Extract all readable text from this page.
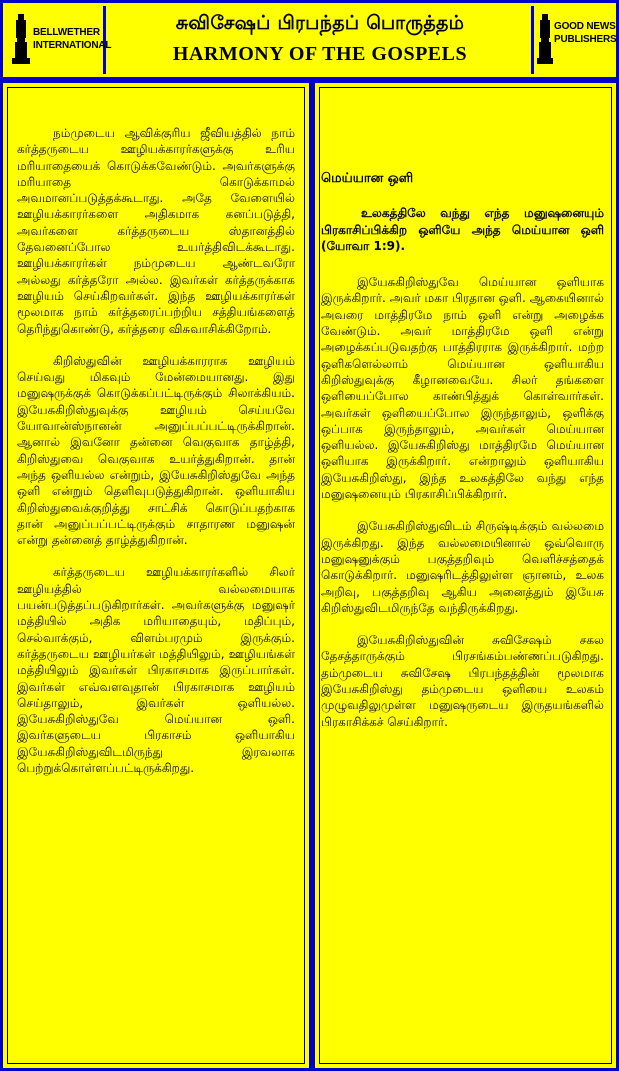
BELLWETHER
INTERNATIONAL
சுவிசேஷப் பிரபந்தப் பொருத்தம்
HARMONY OF THE GOSPELS
GOOD NEWS
PUBLISHERS

நம்முடைய ஆவிக்குரிய ஜீவியத்தில் நாம் கர்த்தருடைய ஊழியக்காரர்களுக்கு உரிய மரியாதையைக் கொடுக்கவேண்டும். அவர்களுக்கு மரியாதை கொடுக்காமல் அவமானப்படுத்தக்கூடாது. அதே வேளையில் ஊழியக்காரர்களை அதிகமாக கனப்படுத்தி, அவர்களை கர்த்தருடைய ஸ்தானத்தில் தேவனைப்போல உயர்த்திவிடக்கூடாது. ஊழியக்காரர்கள் நம்முடைய ஆண்டவரோ அல்லது கர்த்தரோ அல்ல. இவர்கள் கர்த்தருக்காக ஊழியம் செய்கிறவர்கள். இந்த ஊழியக்காரர்கள் மூலமாக நாம் கர்த்தரைப்பற்றிய சத்தியங்களைத் தெரிந்துகொண்டு, கர்த்தரை விசுவாசிக்கிறோம்.

கிறிஸ்துவின் ஊழியக்காரராக ஊழியம் செய்வது மிகவும் மேன்மையானது. இது மனுஷருக்குக் கொடுக்கப்பட்டிருக்கும் சிலாக்கியம். இயேசுகிறிஸ்துவுக்கு ஊழியம் செய்யவே யோவான்ஸ்நானன் அனுப்பப்பட்டிருக்கிறான். ஆனால் இவனோ தன்னை வெகுவாக தாழ்த்தி, கிறிஸ்துவை வெகுவாக உயர்த்துகிறான். தான் அந்த ஒளியல்ல என்றும், இயேசுகிறிஸ்துவே அந்த ஒளி என்றும் தெளிவுபடுத்துகிறான். ஒளியாகிய கிறிஸ்துவைக்குறித்து சாட்சிக் கொடுப்பதற்காக தான் அனுப்பப்பட்டிருக்கும் சாதாரண மனுஷன் என்று தன்னைத் தாழ்த்துகிறான்.

கர்த்தருடைய ஊழியக்காரர்களில் சிலர் ஊழியத்தில் வல்லமையாக பயன்படுத்தப்படுகிறார்கள். அவர்களுக்கு மனுஷர் மத்தியில் அதிக மரியாதையும், மதிப்பும், செல்வாக்கும், விளம்பரமும் இருக்கும். கர்த்தருடைய ஊழியர்கள் மத்தியிலும், ஊழியங்கள் மத்தியிலும் இவர்கள் பிரகாசமாக இருப்பார்கள். இவர்கள் எவ்வளவுதான் பிரகாசமாக ஊழியம் செய்தாலும், இவர்கள் ஒளியல்ல. இயேசுகிறிஸ்துவே மெய்யான ஒளி. இவர்களுடைய பிரகாசம் ஒளியாகிய இயேசுகிறிஸ்துவிடமிருந்து இரவலாக பெற்றுக்கொள்ளப்பட்டிருக்கிறது.

மெய்யான ஒளி

உலகத்திலே வந்து எந்த மனுஷனையும் பிரகாசிப்பிக்கிற ஒளியே அந்த மெய்யான ஒளி (யோவா 1:9).

இயேசுகிறிஸ்துவே மெய்யான ஒளியாக இருக்கிறார். அவர் மகா பிரதான ஒளி. ஆகையினால் அவரை மாத்திரமே நாம் ஒளி என்று அழைக்க வேண்டும். அவர் மாத்திரமே ஒளி என்று அழைக்கப்படுவதற்கு பாத்திரராக இருக்கிறார். மற்ற ஒளிகளெல்லாம் மெய்யான ஒளியாகிய கிறிஸ்துவுக்கு கீழானவையே. சிலர் தங்களை ஒளியைப்போல காண்பித்துக் கொள்வார்கள். அவர்கள் ஒளியைப்போல இருந்தாலும், ஒளிக்கு ஒப்பாக இருந்தாலும், அவர்கள் மெய்யான ஒளியல்ல. இயேசுகிறிஸ்து மாத்திரமே மெய்யான ஒளியாக இருக்கிறார். என்றாலும் ஒளியாகிய இயேசுகிறிஸ்து, இந்த உலகத்திலே வந்து எந்த மனுஷனையும் பிரகாசிப்பிக்கிறார்.

இயேசுகிறிஸ்துவிடம் சிருஷ்டிக்கும் வல்லமை இருக்கிறது. இந்த வல்லமையினால் ஒவ்வொரு மனுஷனுக்கும் பகுத்தறிவும் வெளிச்சத்தைக் கொடுக்கிறார். மனுஷரிடத்திலுள்ள ஞானம், உலக அறிவு, பகுத்தறிவு ஆகிய அனைத்தும் இயேசு கிறிஸ்துவிடமிருந்தே வந்திருக்கிறது.

இயேசுகிறிஸ்துவின் சுவிசேஷம் சகல தேசத்தாருக்கும் பிரசங்கம்பண்ணப்படுகிறது. தம்முடைய சுவிசேஷ பிரபந்தத்தின் மூலமாக இயேசுகிறிஸ்து தம்முடைய ஒளியை உலகம் முழுவதிலுமுள்ள மனுஷருடைய இருதயங்களில் பிரகாசிக்கச் செய்கிறார்.
